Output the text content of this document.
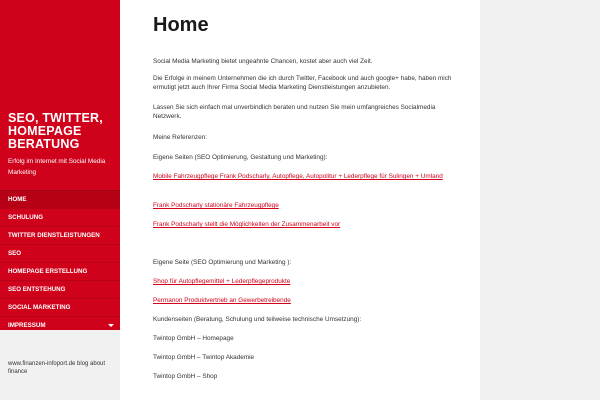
SEO, TWITTER, HOMEPAGE BERATUNG
Erfolg im Internet mit Social Media Marketing
HOME
SCHULUNG
TWITTER DIENSTLEISTUNGEN
SEO
HOMEPAGE ERSTELLUNG
SEO ENTSTEHUNG
SOCIAL MARKETING
IMPRESSUM
www.finanzen-infoport.de blog about finance
Home
Social Media Marketing bietet ungeahnte Chancen, kostet aber auch viel Zeit.
Die Erfolge in meinem Unternehmen die ich durch Twitter, Facebook und auch google+ habe, haben mich ermutigt jetzt auch Ihrer Firma Social Media Marketing Dienstleistungen anzubieten.
Lassen Sie sich einfach mal unverbindlich beraten und nutzen Sie mein umfangreiches Socialmedia Netzwerk.
Meine Referenzen:
Eigene Seiten (SEO Optimierung, Gestaltung und Marketing):
Mobile Fahrzeugpflege Frank Podscharly, Autopflege, Autopolitur + Lederpflege für Sulingen + Umland
Frank Podscharly stationäre Fahrzeugpflege
Frank Podscharly stellt die Möglichkeiten der Zusammenarbeit vor
Eigene Seite (SEO Optimierung und Marketing ):
Shop für Autopflegemittel + Lederpflegeprodukte
Permanon Produktvertrieb an Gewerbetreibende
Kundenseiten (Beratung, Schulung und teilweise technische Umsetzung):
Twintop GmbH – Homepage
Twintop GmbH – Twintop Akademie
Twintop GmbH – Shop
